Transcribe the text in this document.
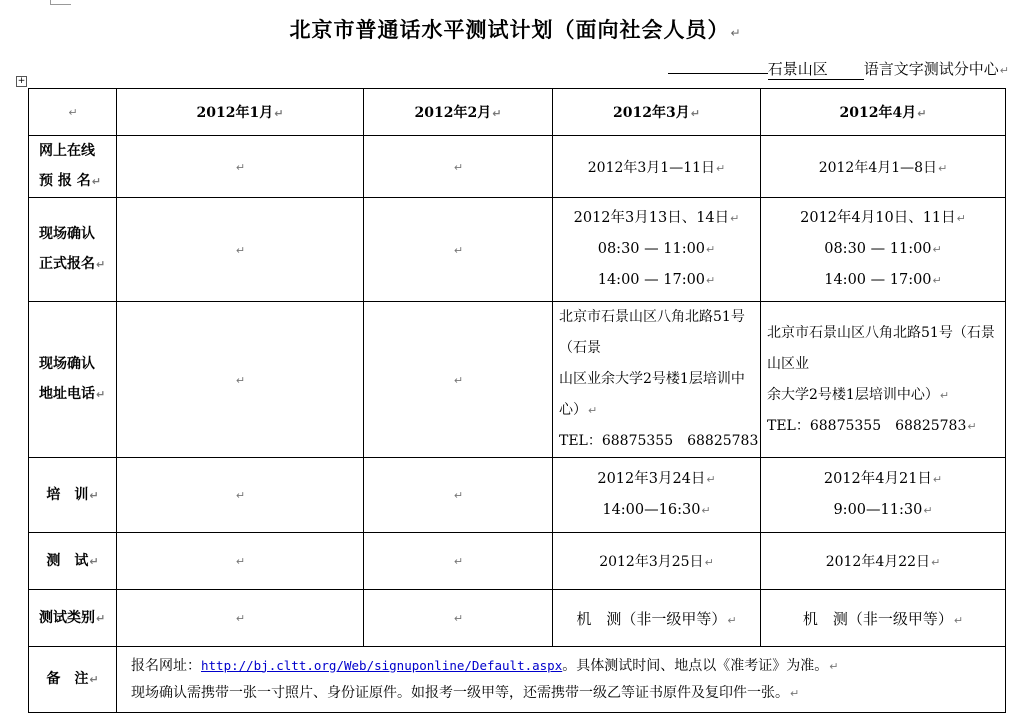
北京市普通话水平测试计划（面向社会人员）↵
石景山区 语言文字测试分中心↵
+
↵	2012年1月↵	2012年2月↵	2012年3月↵	2012年4月↵

网上在线
预 报 名↵	↵	↵	2012年3月1—11日↵	2012年4月1—8日↵

现场确认
正式报名↵	↵	↵	2012年3月13日、14日↵
08:30 — 11:00↵
14:00 — 17:00↵	2012年4月10日、11日↵
08:30 — 11:00↵
14:00 — 17:00↵

现场确认
地址电话↵	↵	↵	北京市石景山区八角北路51号（石景
山区业余大学2号楼1层培训中心）↵
TEL：68875355　68825783	北京市石景山区八角北路51号（石景山区业
余大学2号楼1层培训中心）↵
TEL：68875355　68825783↵

培　训↵	↵	↵	2012年3月24日↵
14:00—16:30↵	2012年4月21日↵
9:00—11:30↵

测　试↵	↵	↵	2012年3月25日↵	2012年4月22日↵
测试类别↵	↵	↵	机　测（非一级甲等）↵	机　测（非一级甲等）↵
备　注↵	报名网址：http://bj.cltt.org/Web/signuponline/Default.aspx。具体测试时间、地点以《准考证》为准。↵
现场确认需携带一张一寸照片、身份证原件。如报考一级甲等，还需携带一级乙等证书原件及复印件一张。↵			
